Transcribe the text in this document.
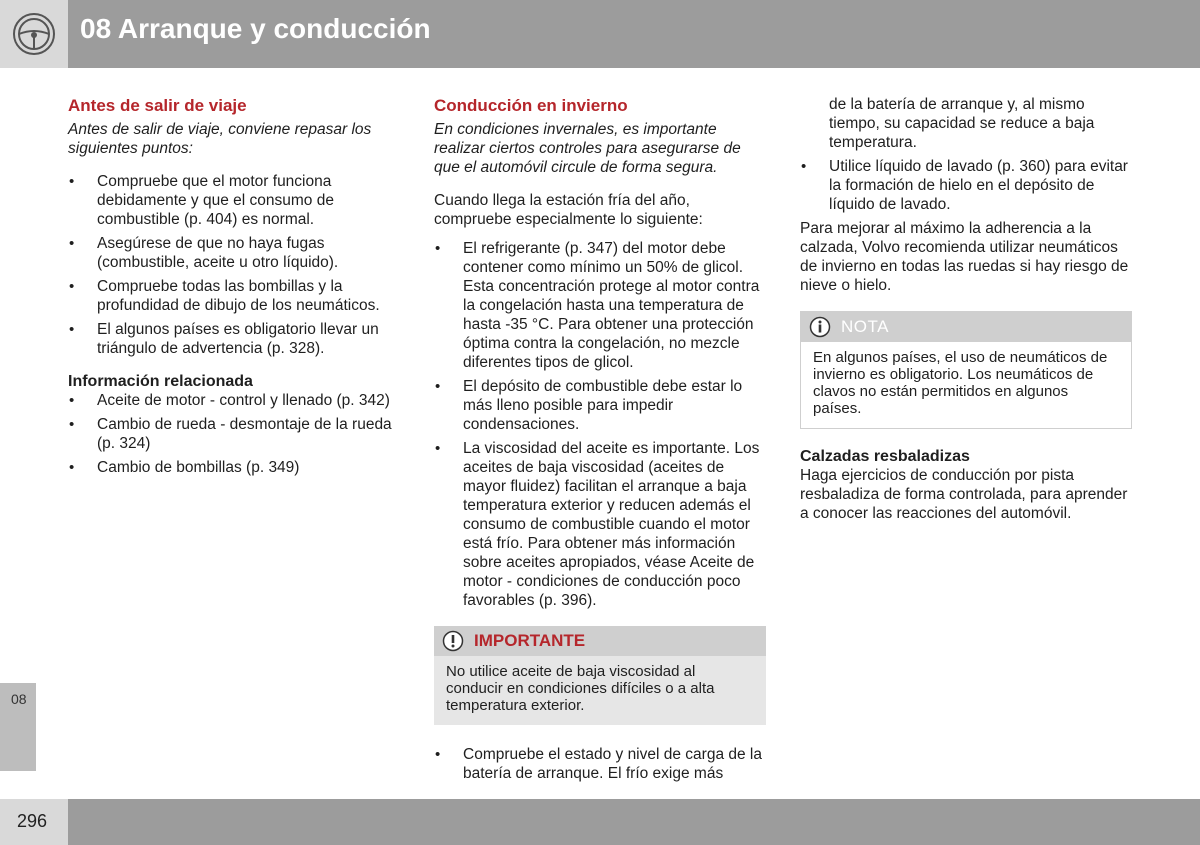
08 Arranque y conducción
08
296
Antes de salir de viaje

Antes de salir de viaje, conviene repasar los siguientes puntos:

• Compruebe que el motor funciona debidamente y que el consumo de combustible (p. 404) es normal.
• Asegúrese de que no haya fugas (combustible, aceite u otro líquido).
• Compruebe todas las bombillas y la profundidad de dibujo de los neumáticos.
• El algunos países es obligatorio llevar un triángulo de advertencia (p. 328).
Información relacionada
• Aceite de motor - control y llenado (p. 342)
• Cambio de rueda - desmontaje de la rueda (p. 324)
• Cambio de bombillas (p. 349)
Conducción en invierno

En condiciones invernales, es importante realizar ciertos controles para asegurarse de que el automóvil circule de forma segura.

Cuando llega la estación fría del año, compruebe especialmente lo siguiente:

• El refrigerante (p. 347) del motor debe contener como mínimo un 50% de glicol. Esta concentración protege al motor contra la congelación hasta una temperatura de hasta -35 °C. Para obtener una protección óptima contra la congelación, no mezcle diferentes tipos de glicol.
• El depósito de combustible debe estar lo más lleno posible para impedir condensaciones.
• La viscosidad del aceite es importante. Los aceites de baja viscosidad (aceites de mayor fluidez) facilitan el arranque a baja temperatura exterior y reducen además el consumo de combustible cuando el motor está frío. Para obtener más información sobre aceites apropiados, véase Aceite de motor - condiciones de conducción poco favorables (p. 396).
IMPORTANTE
No utilice aceite de baja viscosidad al conducir en condiciones difíciles o a alta temperatura exterior.
• Compruebe el estado y nivel de carga de la batería de arranque. El frío exige más

de la batería de arranque y, al mismo tiempo, su capacidad se reduce a baja temperatura.

• Utilice líquido de lavado (p. 360) para evitar la formación de hielo en el depósito de líquido de lavado.

Para mejorar al máximo la adherencia a la calzada, Volvo recomienda utilizar neumáticos de invierno en todas las ruedas si hay riesgo de nieve o hielo.

NOTA
En algunos países, el uso de neumáticos de invierno es obligatorio. Los neumáticos de clavos no están permitidos en algunos países.
Calzadas resbaladizas

Haga ejercicios de conducción por pista resbaladiza de forma controlada, para aprender a conocer las reacciones del automóvil.
